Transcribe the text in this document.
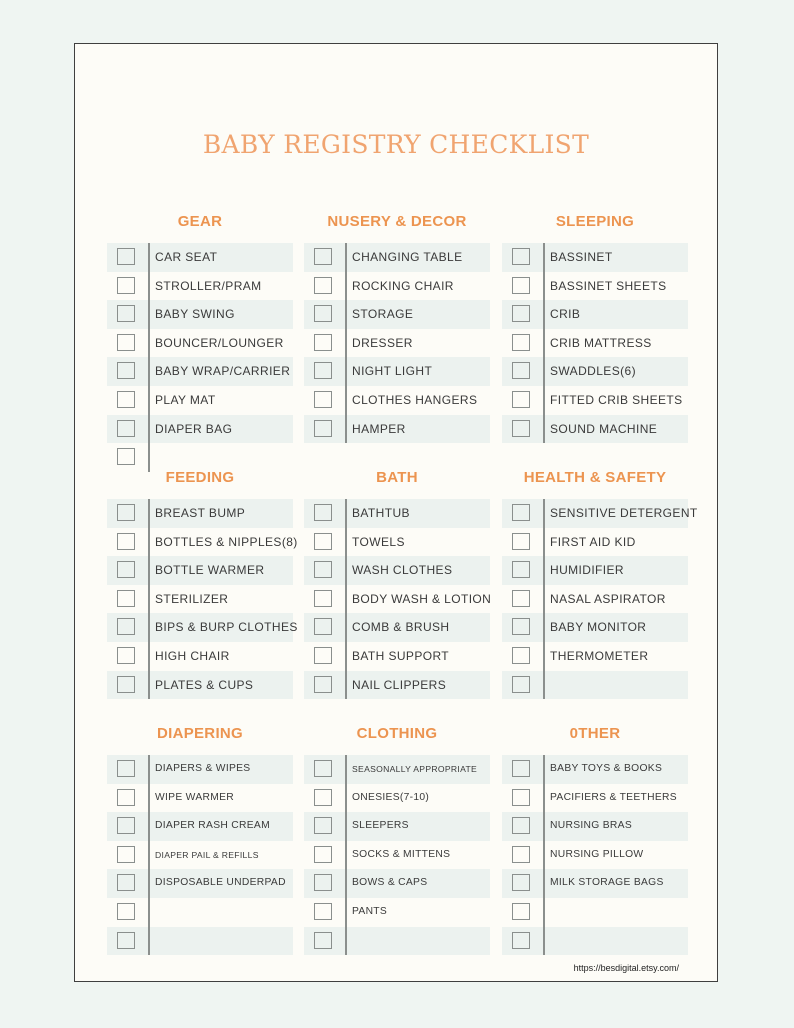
BABY REGISTRY CHECKLIST
GEAR
CAR SEAT
STROLLER/PRAM
BABY SWING
BOUNCER/LOUNGER
BABY WRAP/CARRIER
PLAY MAT
DIAPER BAG
NUSERY & DECOR
CHANGING TABLE
ROCKING CHAIR
STORAGE
DRESSER
NIGHT LIGHT
CLOTHES HANGERS
HAMPER
SLEEPING
BASSINET
BASSINET SHEETS
CRIB
CRIB MATTRESS
SWADDLES(6)
FITTED CRIB SHEETS
SOUND MACHINE
FEEDING
BREAST BUMP
BOTTLES & NIPPLES(8)
BOTTLE WARMER
STERILIZER
BIPS & BURP CLOTHES
HIGH CHAIR
PLATES & CUPS
BATH
BATHTUB
TOWELS
WASH CLOTHES
BODY WASH & LOTION
COMB & BRUSH
BATH SUPPORT
NAIL CLIPPERS
HEALTH & SAFETY
SENSITIVE DETERGENT
FIRST AID KID
HUMIDIFIER
NASAL ASPIRATOR
BABY MONITOR
THERMOMETER
DIAPERING
DIAPERS & WIPES
WIPE WARMER
DIAPER RASH CREAM
DIAPER PAIL & REFILLS
DISPOSABLE UNDERPAD
CLOTHING
SEASONALLY APPROPRIATE
ONESIES(7-10)
SLEEPERS
SOCKS & MITTENS
BOWS & CAPS
PANTS
0THER
BABY TOYS & BOOKS
PACIFIERS & TEETHERS
NURSING BRAS
NURSING PILLOW
MILK STORAGE BAGS

https://besdigital.etsy.com/
